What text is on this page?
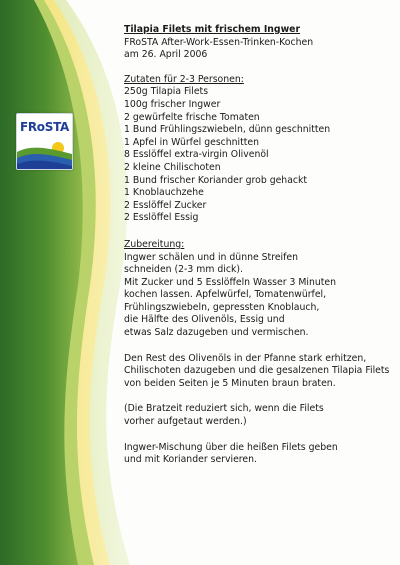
FRoSTA
Tilapia Filets mit frischem Ingwer
FRoSTA After-Work-Essen-Trinken-Kochen
am 26. April 2006
Zutaten für 2-3 Personen:
250g Tilapia Filets
100g frischer Ingwer
2 gewürfelte frische Tomaten
1 Bund Frühlingszwiebeln, dünn geschnitten
1 Apfel in Würfel geschnitten
8 Esslöffel extra-virgin Olivenöl
2 kleine Chilischoten
1 Bund frischer Koriander grob gehackt
1 Knoblauchzehe
2 Esslöffel Zucker
2 Esslöffel Essig
Zubereitung:
Ingwer schälen und in dünne Streifen
schneiden (2-3 mm dick).
Mit Zucker und 5 Esslöffeln Wasser 3 Minuten
kochen lassen. Apfelwürfel, Tomatenwürfel,
Frühlingszwiebeln, gepressten Knoblauch,
die Hälfte des Olivenöls, Essig und
etwas Salz dazugeben und vermischen.
Den Rest des Olivenöls in der Pfanne stark erhitzen,
Chilischoten dazugeben und die gesalzenen Tilapia Filets
von beiden Seiten je 5 Minuten braun braten.
(Die Bratzeit reduziert sich, wenn die Filets
vorher aufgetaut werden.)
Ingwer-Mischung über die heißen Filets geben
und mit Koriander servieren.
